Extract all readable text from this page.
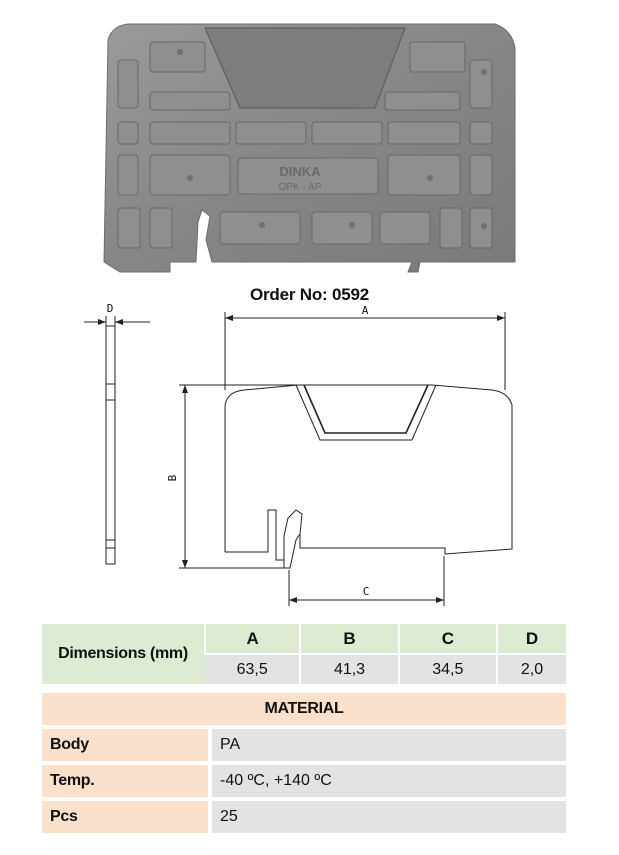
DINKA
OPK - AP
Order No: 0592
D	A
B
C
Dimensions (mm)	A	B	C	D
	63,5	41,3	34,5	2,0
MATERIAL	
Body	PA
Temp.	-40 ºC, +140 ºC
Pcs	25
